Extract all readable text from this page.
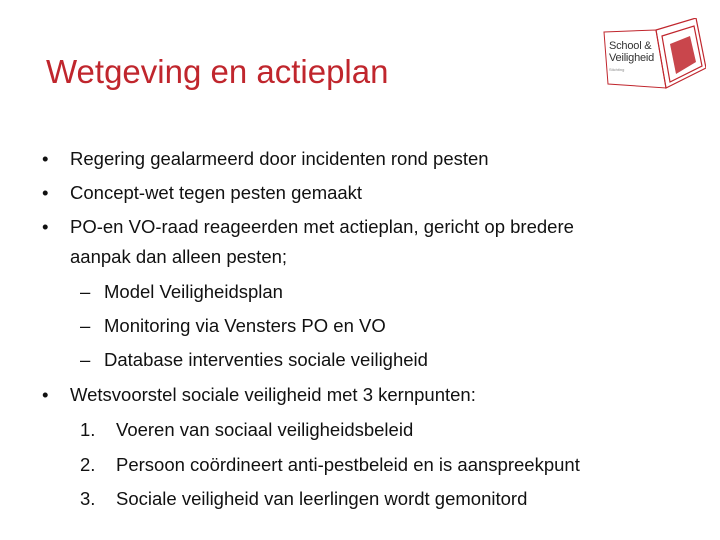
Wetgeving en actieplan
School &
Veiligheid
Stichting
• Regering gealarmeerd door incidenten rond pesten
• Concept-wet tegen pesten gemaakt
• PO-en VO-raad reageerden met actieplan, gericht op bredere
aanpak dan alleen pesten;
– Model Veiligheidsplan
– Monitoring via Vensters PO en VO
– Database interventies sociale veiligheid
• Wetsvoorstel sociale veiligheid met 3 kernpunten:
1. Voeren van sociaal veiligheidsbeleid
2. Persoon coördineert anti-pestbeleid en is aanspreekpunt
3. Sociale veiligheid van leerlingen wordt gemonitord
